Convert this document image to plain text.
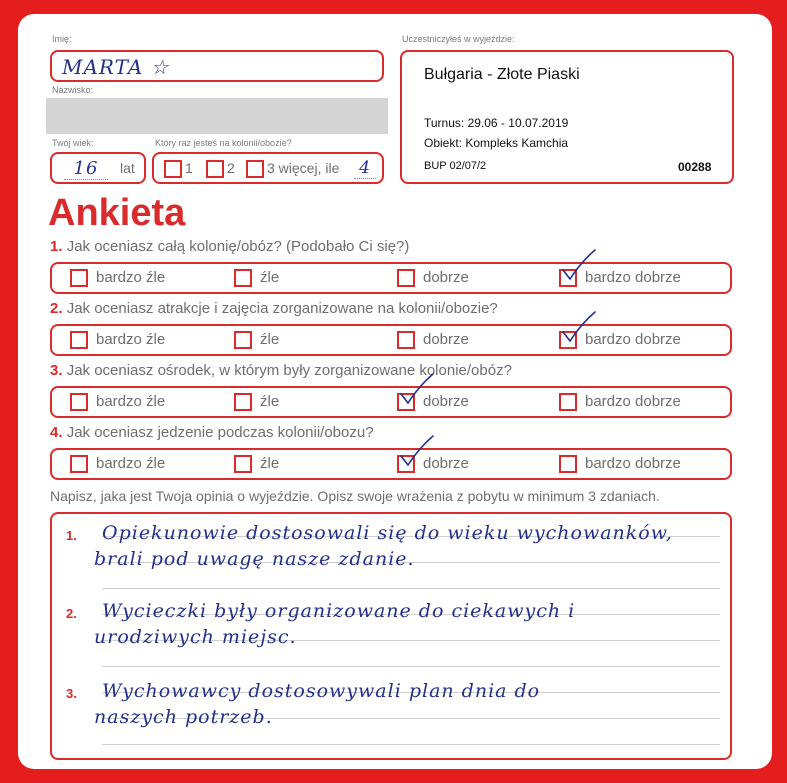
Imię:
MARTA ☆
Nazwisko:
Twój wiek:
16	lat
Który raz jesteś na kolonii/obozie?
1 2 3 więcej, ile 4
Uczestniczyłeś w wyjeździe:
Bułgaria - Złote Piaski
Turnus: 29.06 - 10.07.2019
Obiekt: Kompleks Kamchia
BUP 02/07/2	00288
Ankieta
1. Jak oceniasz całą kolonię/obóz? (Podobało Ci się?)
bardzo źle	źle	dobrze	bardzo dobrze
2. Jak oceniasz atrakcje i zajęcia zorganizowane na kolonii/obozie?
bardzo źle	źle	dobrze	bardzo dobrze
3. Jak oceniasz ośrodek, w którym były zorganizowane kolonie/obóz?
bardzo źle	źle	dobrze	bardzo dobrze
4. Jak oceniasz jedzenie podczas kolonii/obozu?
bardzo źle	źle	dobrze	bardzo dobrze
Napisz, jaka jest Twoja opinia o wyjeździe. Opisz swoje wrażenia z pobytu w minimum 3 zdaniach.
1. Opiekunowie dostosowali się do wieku wychowanków,
brali pod uwagę nasze zdanie.
2. Wycieczki były organizowane do ciekawych i
urodziwych miejsc.
3. Wychowawcy dostosowywali plan dnia do
naszych potrzeb.
